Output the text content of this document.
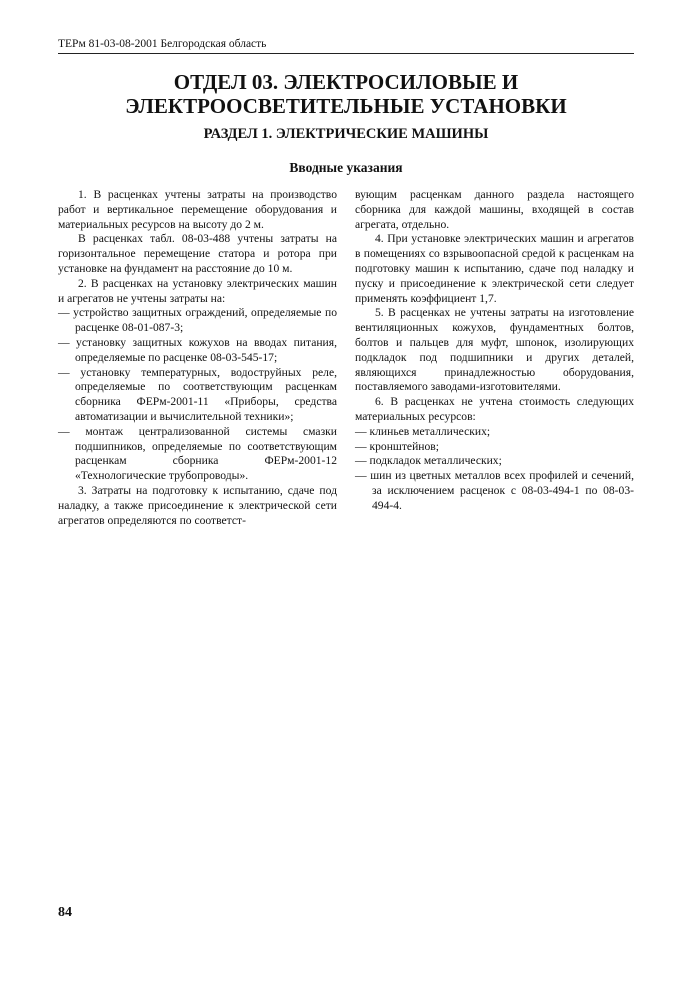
ТЕРм 81-03-08-2001 Белгородская область
ОТДЕЛ 03. ЭЛЕКТРОСИЛОВЫЕ И
ЭЛЕКТРООСВЕТИТЕЛЬНЫЕ УСТАНОВКИ
РАЗДЕЛ 1. ЭЛЕКТРИЧЕСКИЕ МАШИНЫ
Вводные указания

1. В расценках учтены затраты на производство работ и вертикальное перемещение оборудования и материальных ресурсов на высоту до 2 м.

В расценках табл. 08-03-488 учтены затраты на горизонтальное перемещение статора и ротора при установке на фундамент на расстояние до 10 м.

2. В расценках на установку электрических машин и агрегатов не учтены затраты на:

— устройство защитных ограждений, определяемые по расценке 08-01-087-3;

— установку защитных кожухов на вводах питания, определяемые по расценке 08-03-545-17;

— установку температурных, водоструйных реле, определяемые по соответствующим расценкам сборника ФЕРм-2001-11 «Приборы, средства автоматизации и вычислительной техники»;

— монтаж централизованной системы смазки подшипников, определяемые по соответствующим расценкам сборника ФЕРм-2001-12 «Технологические трубопроводы».

3. Затраты на подготовку к испытанию, сдаче под наладку, а также присоединение к электрической сети агрегатов определяются по соответст-

вующим расценкам данного раздела настоящего сборника для каждой машины, входящей в состав агрегата, отдельно.

4. При установке электрических машин и агрегатов в помещениях со взрывоопасной средой к расценкам на подготовку машин к испытанию, сдаче под наладку и пуску и присоединение к электрической сети следует применять коэффициент 1,7.

5. В расценках не учтены затраты на изготовление вентиляционных кожухов, фундаментных болтов, болтов и пальцев для муфт, шпонок, изолирующих подкладок под подшипники и других деталей, являющихся принадлежностью оборудования, поставляемого заводами-изготовителями.

6. В расценках не учтена стоимость следующих материальных ресурсов:

— клиньев металлических;

— кронштейнов;

— подкладок металлических;

— шин из цветных металлов всех профилей и сечений, за исключением расценок с 08-03-494-1 по 08-03-494-4.

84
